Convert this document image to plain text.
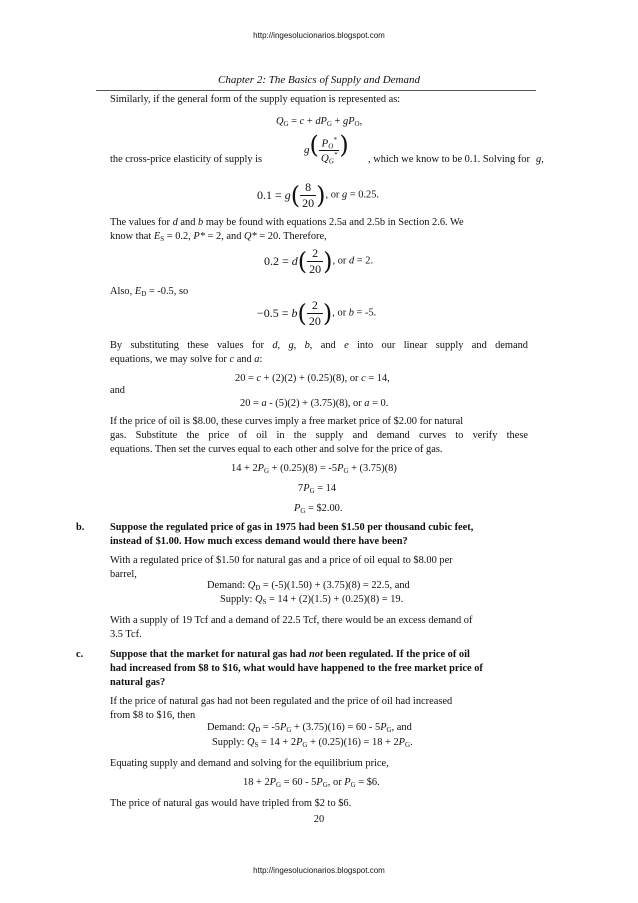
http://ingesolucionarios.blogspot.com
Chapter 2: The Basics of Supply and Demand
Similarly, if the general form of the supply equation is represented as:
$Q_G = c + dP_G + gP_O$,
the cross-price elasticity of supply is
$g( \frac{P_O^*}{Q_G^*}$ )
, which we know to be 0.1. Solving for g,
$0.1 = g( \frac{8}{20}$ ), or g = 0.25.
The values for d and b may be found with equations 2.5a and 2.5b in Section 2.6. We
know that $E_S = 0.2$, P* = 2, and Q* = 20. Therefore,
$0.2 = d( \frac{2}{20}$ ), or d = 2.
Also, $E_D = -0.5$, so
$-0.5 = b( \frac{2}{20}$ ), or b = -5.
By substituting these values for d, g, b, and e into our linear supply and demand
equations, we may solve for c and a:
20 = c + (2)(2) + (0.25)(8), or c = 14,
and
20 = a - (5)(2) + (3.75)(8), or a = 0.
If the price of oil is $8.00, these curves imply a free market price of $2.00 for natural
gas. Substitute the price of oil in the supply and demand curves to verify these
equations. Then set the curves equal to each other and solve for the price of gas.
$14 + 2P_G + (0.25)(8) = -5P_G + (3.75)(8)$
$7P_G = 14$
$P_G$ = $2.00.
b. Suppose the regulated price of gas in 1975 had been $1.50 per thousand cubic feet,
instead of $1.00. How much excess demand would there have been?
With a regulated price of $1.50 for natural gas and a price of oil equal to $8.00 per
barrel,
Demand: $Q_D = (-5)(1.50) + (3.75)(8) = 22.5$, and
Supply: $Q_S = 14 + (2)(1.5) + (0.25)(8) = 19$.
With a supply of 19 Tcf and a demand of 22.5 Tcf, there would be an excess demand of
3.5 Tcf.
c.	Suppose that the market for natural gas had not been regulated. If the price of oil
had increased from $8 to $16, what would have happened to the free market price of
natural gas?
If the price of natural gas had not been regulated and the price of oil had increased
from $8 to $16, then
Demand: $Q_D = -5P_G + (3.75)(16) = 60 - 5P_G$, and
Supply: $Q_S = 14 + 2P_G + (0.25)(16) = 18 + 2P_G$.
Equating supply and demand and solving for the equilibrium price,
$18 + 2P_G = 60 - 5P_G$, or $P_G$ = $6.
The price of natural gas would have tripled from $2 to $6.
20
http://ingesolucionarios.blogspot.com
